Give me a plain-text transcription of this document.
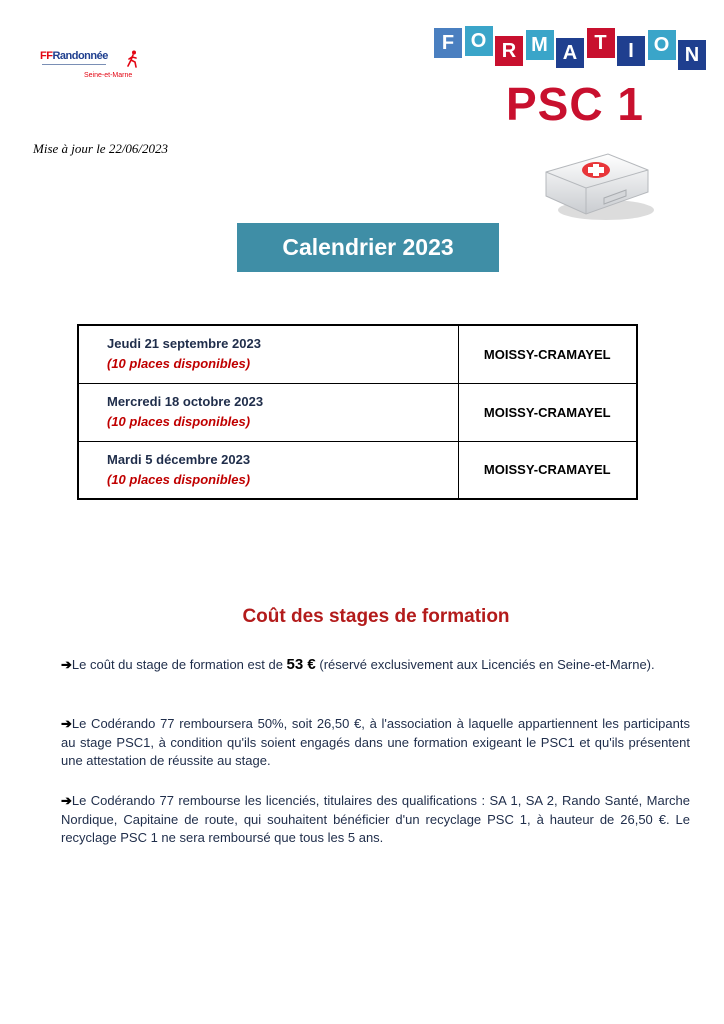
FFRandonnée
Seine-et-Marne
F O R M A T	I O N
PSC 1
Mise à jour le 22/06/2023
Calendrier 2023
Jeudi 21 septembre 2023
(10 places disponibles)	MOISSY-CRAMAYEL

Mercredi 18 octobre 2023
(10 places disponibles)	MOISSY-CRAMAYEL

Mardi 5 décembre 2023
(10 places disponibles)	MOISSY-CRAMAYEL
Coût des stages de formation

➔Le coût du stage de formation est de 53 € (réservé exclusivement aux Licenciés en Seine-et-Marne).

➔Le Codérando 77 remboursera 50%, soit 26,50 €, à l'association à laquelle appartiennent les participants au stage PSC1, à condition qu'ils soient engagés dans une formation exigeant le PSC1 et qu'ils présentent une attestation de réussite au stage.

➔Le Codérando 77 rembourse les licenciés, titulaires des qualifications : SA 1, SA 2, Rando Santé, Marche Nordique, Capitaine de route, qui souhaitent bénéficier d'un recyclage PSC 1, à hauteur de 26,50 €. Le recyclage PSC 1 ne sera remboursé que tous les 5 ans.
